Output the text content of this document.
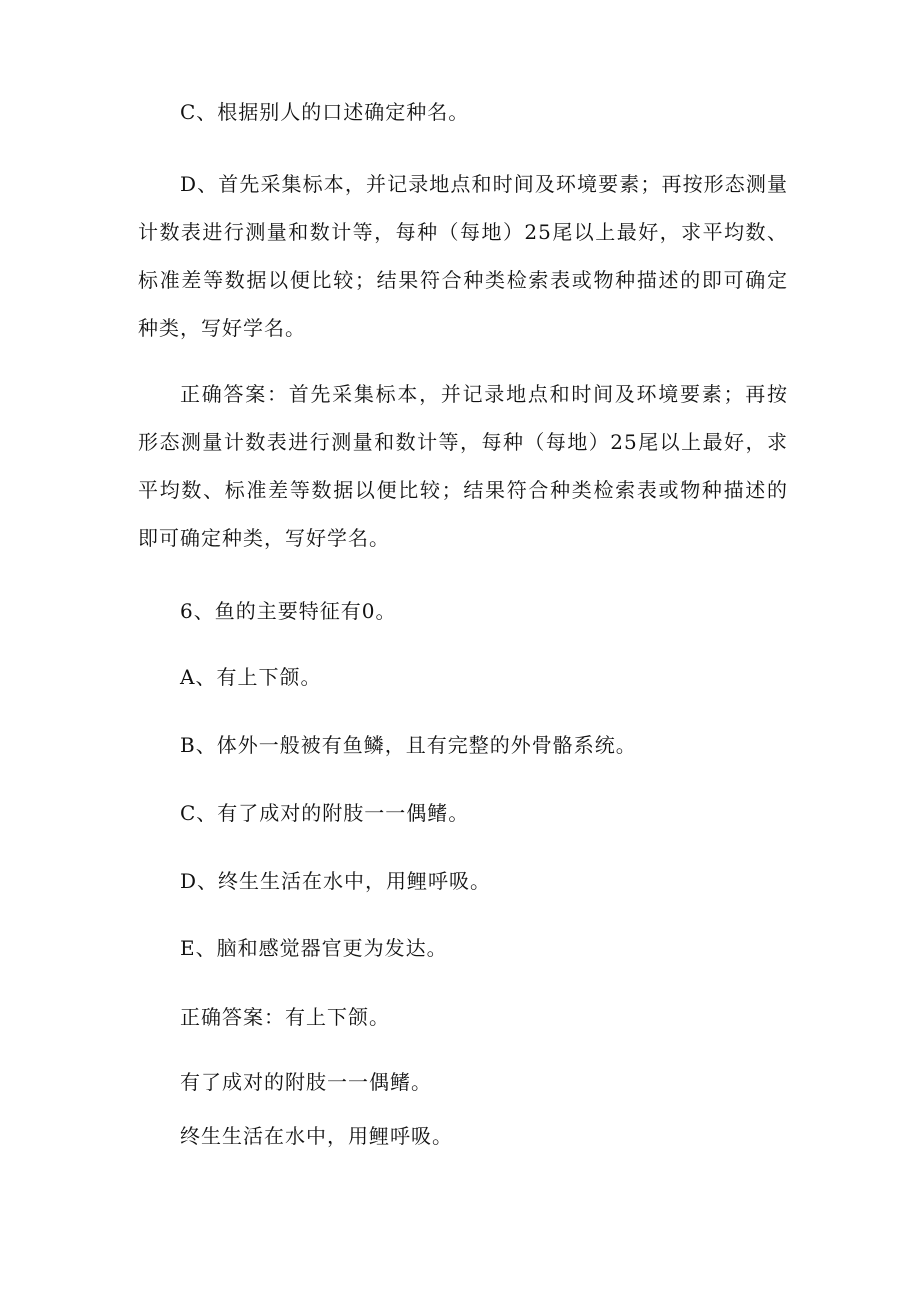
C、根据别人的口述确定种名。

D、首先采集标本，并记录地点和时间及环境要素；再按形态测量计数表进行测量和数计等，每种（每地）25尾以上最好，求平均数、标准差等数据以便比较；结果符合种类检索表或物种描述的即可确定种类，写好学名。

正确答案：首先采集标本，并记录地点和时间及环境要素；再按形态测量计数表进行测量和数计等，每种（每地）25尾以上最好，求平均数、标准差等数据以便比较；结果符合种类检索表或物种描述的即可确定种类，写好学名。

6、鱼的主要特征有0。

A、有上下颌。

B、体外一般被有鱼鳞，且有完整的外骨骼系统。

C、有了成对的附肢一一偶鳍。

D、终生生活在水中，用鲤呼吸。

E、脑和感觉器官更为发达。

正确答案：有上下颌。

有了成对的附肢一一偶鳍。

终生生活在水中，用鲤呼吸。
